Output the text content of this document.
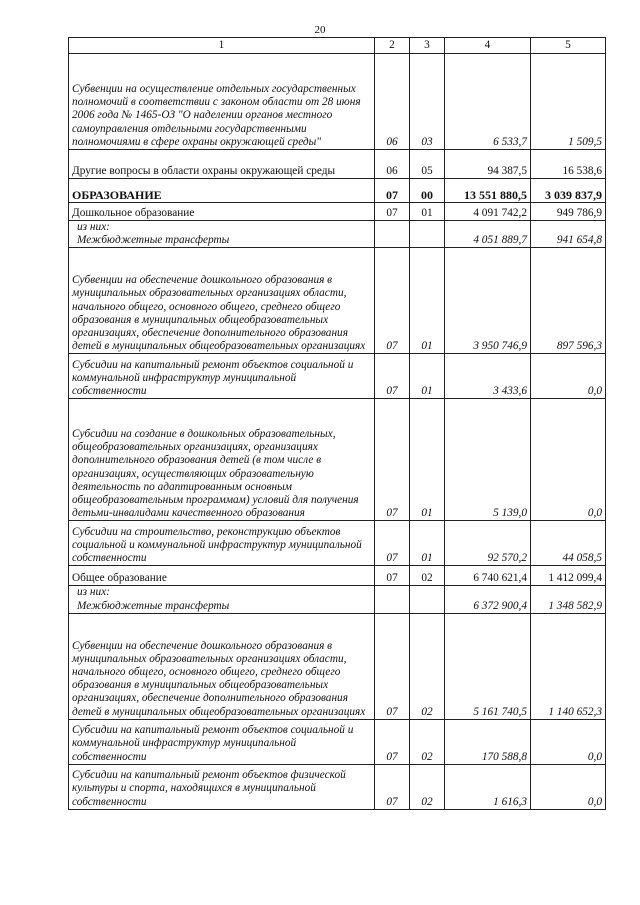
20
1	2	3	4	5
Субвенции на осуществление отдельных государственных полномочий в соответствии с законом области от 28 июня 2006 года № 1465-ОЗ "О наделении органов местного самоуправления отдельными государственными полномочиями в сфере охраны окружающей среды"	06	03	6 533,7	1 509,5
Другие вопросы в области охраны окружающей среды	06	05	94 387,5	16 538,6
ОБРАЗОВАНИЕ	07	00	13 551 880,5	3 039 837,9
Дошкольное образование	07	01	4 091 742,2	949 786,9
из них:				
Межбюджетные трансферты			4 051 889,7	941 654,8
Субвенции на обеспечение дошкольного образования в муниципальных образовательных организациях области, начального общего, основного общего, среднего общего образования в муниципальных общеобразовательных организациях, обеспечение дополнительного образования детей в муниципальных общеобразовательных организациях	07	01	3 950 746,9	897 596,3
Субсидии на капитальный ремонт объектов социальной и коммунальной инфраструктур муниципальной собственности	07	01	3 433,6	0,0
Субсидии на создание в дошкольных образовательных, общеобразовательных организациях, организациях дополнительного образования детей (в том числе в организациях, осуществляющих образовательную деятельность по адаптированным основным общеобразовательным программам) условий для получения детьми-инвалидами качественного образования	07	01	5 139,0	0,0
Субсидии на строительство, реконструкцию объектов социальной и коммунальной инфраструктур муниципальной собственности	07	01	92 570,2	44 058,5
Общее образование	07	02	6 740 621,4	1 412 099,4
из них:				
Межбюджетные трансферты			6 372 900,4	1 348 582,9
Субвенции на обеспечение дошкольного образования в муниципальных образовательных организациях области, начального общего, основного общего, среднего общего образования в муниципальных общеобразовательных организациях, обеспечение дополнительного образования детей в муниципальных общеобразовательных организациях	07	02	5 161 740,5	1 140 652,3
Субсидии на капитальный ремонт объектов социальной и коммунальной инфраструктур муниципальной собственности	07	02	170 588,8	0,0
Субсидии на капитальный ремонт объектов физической культуры и спорта, находящихся в муниципальной собственности	07	02	1 616,3	0,0
